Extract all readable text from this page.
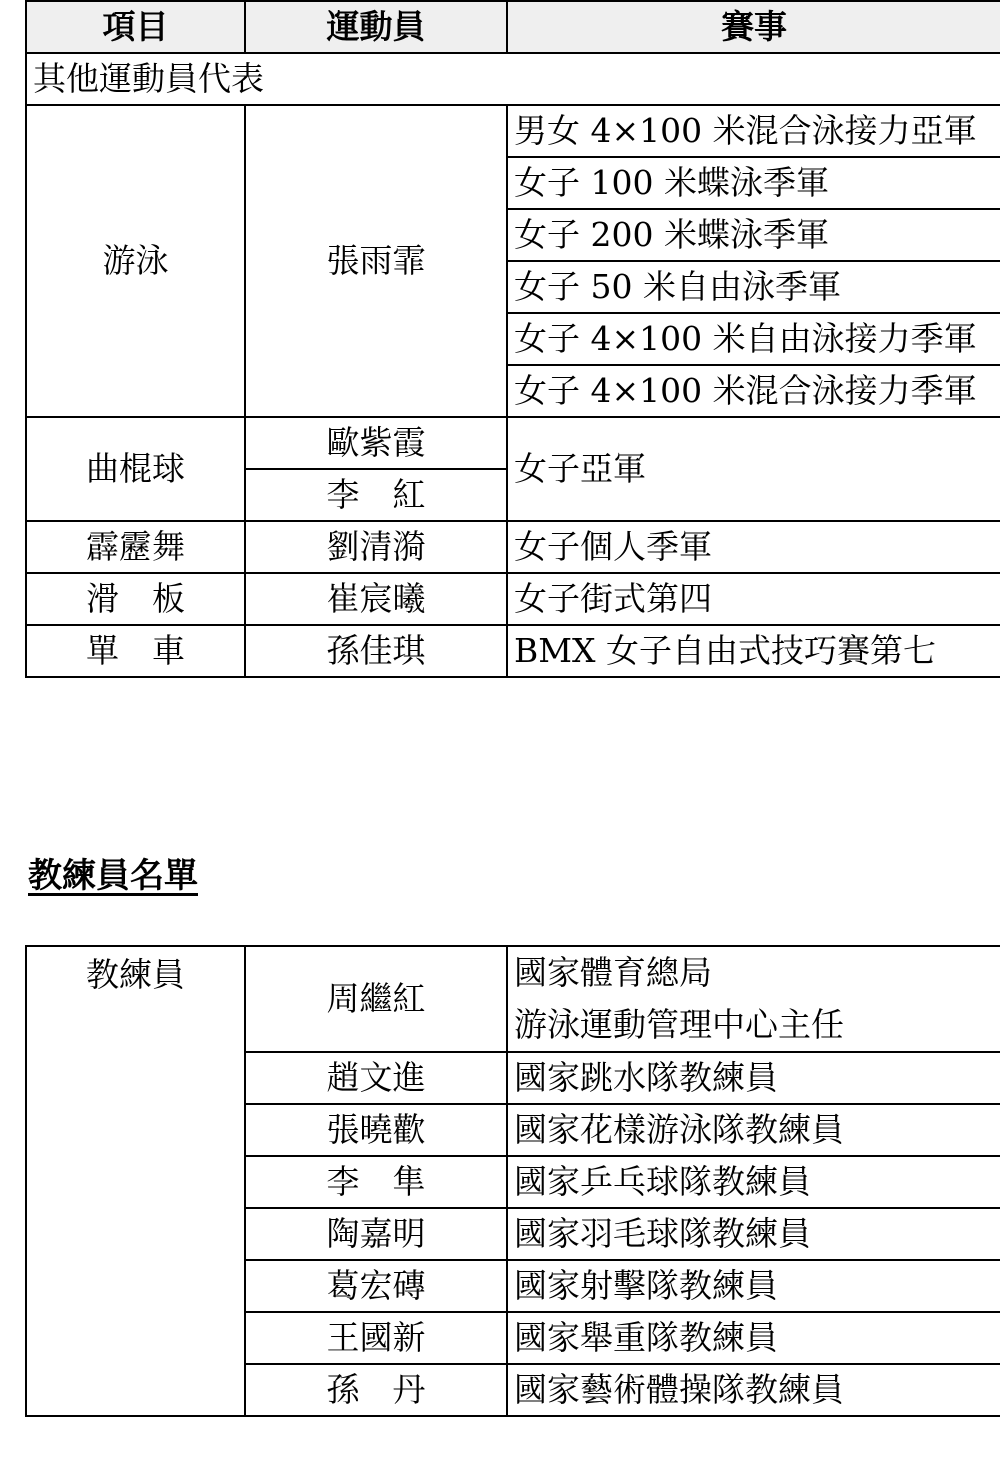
項目	運動員	賽事
其他運動員代表		
游泳	張雨霏	男女 4×100 米混合泳接力亞軍
		女子 100 米蝶泳季軍
		女子 200 米蝶泳季軍
		女子 50 米自由泳季軍
		女子 4×100 米自由泳接力季軍
		女子 4×100 米混合泳接力季軍
曲棍球	歐紫霞	女子亞軍
	李　紅	
霹靂舞	劉清漪	女子個人季軍
滑　板	崔宸曦	女子街式第四
單　車	孫佳琪	BMX 女子自由式技巧賽第七
教練員名單
教練員	周繼紅	國家體育總局
游泳運動管理中心主任

	趙文進	國家跳水隊教練員
	張曉歡	國家花樣游泳隊教練員
	李　隼	國家乒乓球隊教練員
	陶嘉明	國家羽毛球隊教練員
	葛宏磚	國家射擊隊教練員
	王國新	國家舉重隊教練員
	孫　丹	國家藝術體操隊教練員
